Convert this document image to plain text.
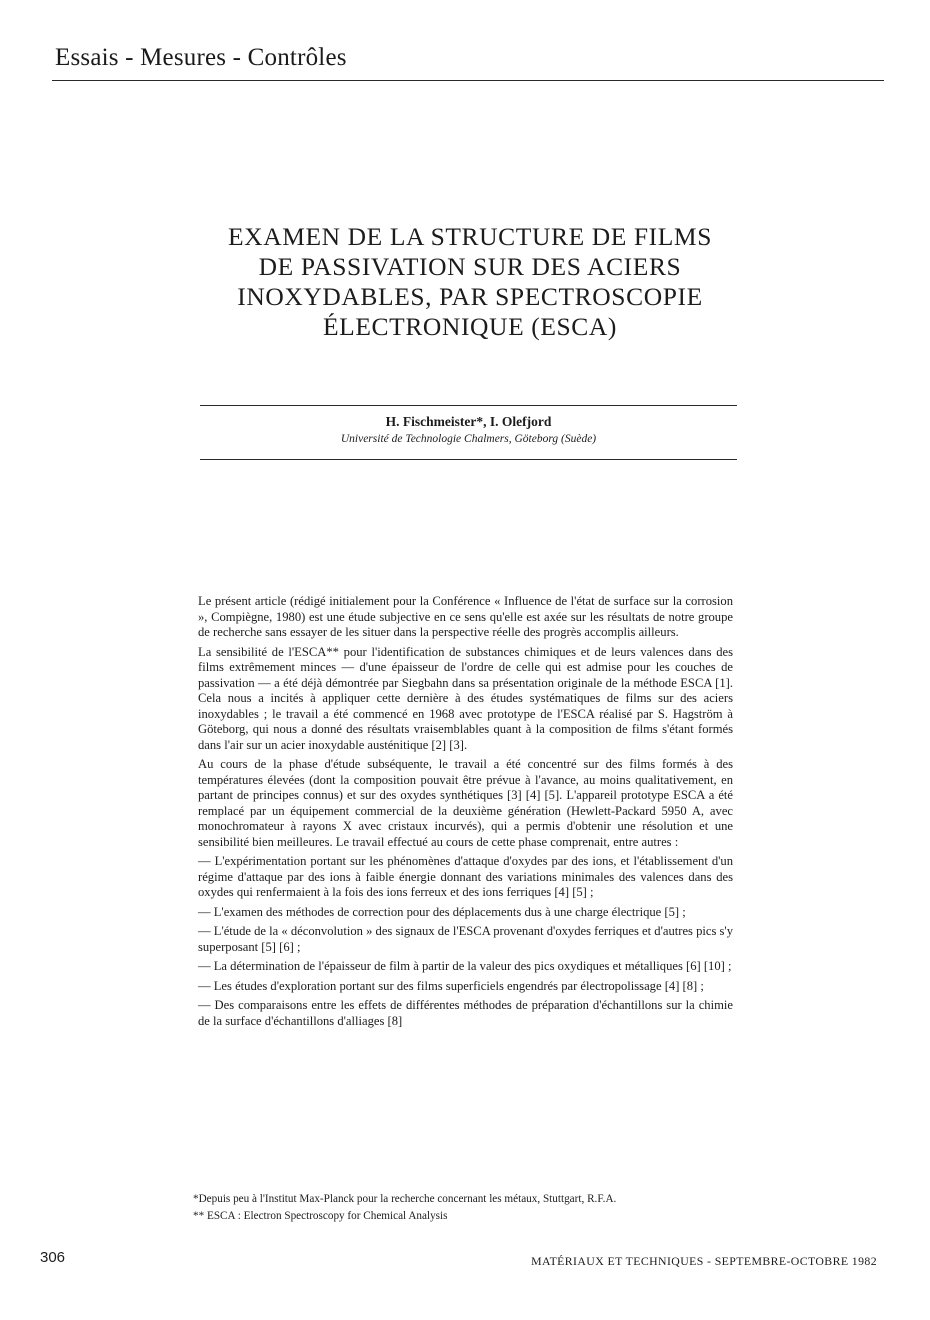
Essais - Mesures - Contrôles
EXAMEN DE LA STRUCTURE DE FILMS
DE PASSIVATION SUR DES ACIERS
INOXYDABLES, PAR SPECTROSCOPIE
ÉLECTRONIQUE (ESCA)
H. Fischmeister*, I. Olefjord
Université de Technologie Chalmers, Göteborg (Suède)

Le présent article (rédigé initialement pour la Conférence « Influence de l'état de surface sur la corrosion », Compiègne, 1980) est une étude subjective en ce sens qu'elle est axée sur les résultats de notre groupe de recherche sans essayer de les situer dans la perspective réelle des progrès accomplis ailleurs.

La sensibilité de l'ESCA** pour l'identification de substances chimiques et de leurs valences dans des films extrêmement minces — d'une épaisseur de l'ordre de celle qui est admise pour les couches de passivation — a été déjà démontrée par Siegbahn dans sa présentation originale de la méthode ESCA [1]. Cela nous a incités à appliquer cette dernière à des études systématiques de films sur des aciers inoxydables ; le travail a été commencé en 1968 avec prototype de l'ESCA réalisé par S. Hagström à Göteborg, qui nous a donné des résultats vraisemblables quant à la composition de films s'étant formés dans l'air sur un acier inoxydable austénitique [2] [3].

Au cours de la phase d'étude subséquente, le travail a été concentré sur des films formés à des températures élevées (dont la composition pouvait être prévue à l'avance, au moins qualitativement, en partant de principes connus) et sur des oxydes synthétiques [3] [4] [5]. L'appareil prototype ESCA a été remplacé par un équipement commercial de la deuxième génération (Hewlett-Packard 5950 A, avec monochromateur à rayons X avec cristaux incurvés), qui a permis d'obtenir une résolution et une sensibilité bien meilleures. Le travail effectué au cours de cette phase comprenait, entre autres :

— L'expérimentation portant sur les phénomènes d'attaque d'oxydes par des ions, et l'établissement d'un régime d'attaque par des ions à faible énergie donnant des variations minimales des valences dans des oxydes qui renfermaient à la fois des ions ferreux et des ions ferriques [4] [5] ;

— L'examen des méthodes de correction pour des déplacements dus à une charge électrique [5] ;

— L'étude de la « déconvolution » des signaux de l'ESCA provenant d'oxydes ferriques et d'autres pics s'y superposant [5] [6] ;

— La détermination de l'épaisseur de film à partir de la valeur des pics oxydiques et métalliques [6] [10] ;

— Les études d'exploration portant sur des films superficiels engendrés par électropolissage [4] [8] ;

— Des comparaisons entre les effets de différentes méthodes de préparation d'échantillons sur la chimie de la surface d'échantillons d'alliages [8]

*Depuis peu à l'Institut Max-Planck pour la recherche concernant les métaux, Stuttgart, R.F.A.

** ESCA : Electron Spectroscopy for Chemical Analysis

306	MATÉRIAUX ET TECHNIQUES - SEPTEMBRE-OCTOBRE 1982
